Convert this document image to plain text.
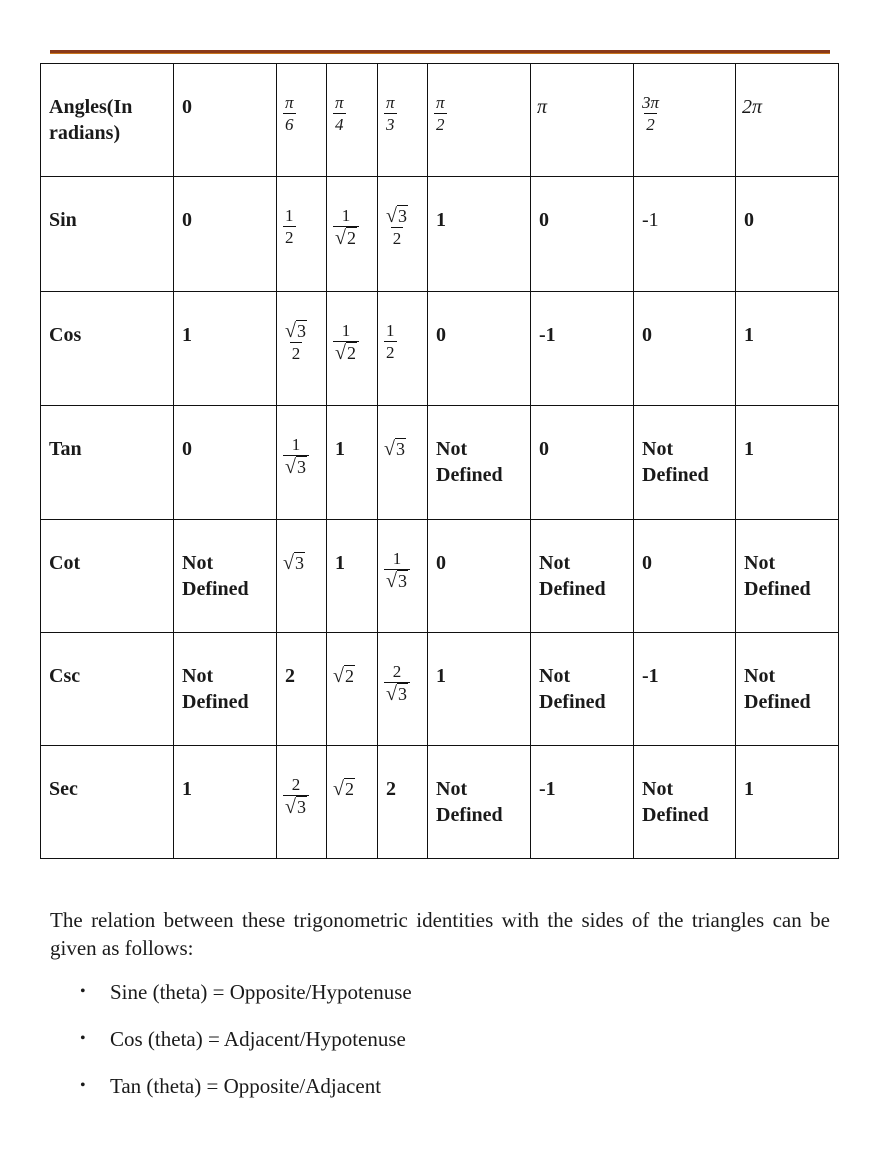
Angles(In radians)	0	$\frac{\pi}{6}$	$\frac{\pi}{4}$	$\frac{\pi}{3}$	$\frac{\pi}{2}$	π	$\frac{3\pi}{2}$	2π
Sin	0	$\frac{1}{2}$	$\frac{1}{√2}$	$\frac{√3}{2}$	1	0	-1	0
Cos	1	$\frac{√3}{2}$	$\frac{1}{√2}$	$\frac{1}{2}$	0	-1	0	1
Tan	0	$\frac{1}{√3}$	1	√3	Not Defined	0	Not Defined	1
Cot	Not Defined	√3	1	$\frac{1}{√3}$	0	Not Defined	0	Not Defined
Csc	Not Defined	2	√2	$\frac{2}{√3}$	1	Not Defined	-1	Not Defined
Sec	1	$\frac{2}{√3}$	√2	2	Not Defined	-1	Not Defined	1
The relation between these trigonometric identities with the sides of the triangles can be given as follows:
• Sine (theta) = Opposite/Hypotenuse
• Cos (theta) = Adjacent/Hypotenuse
• Tan (theta) = Opposite/Adjacent
